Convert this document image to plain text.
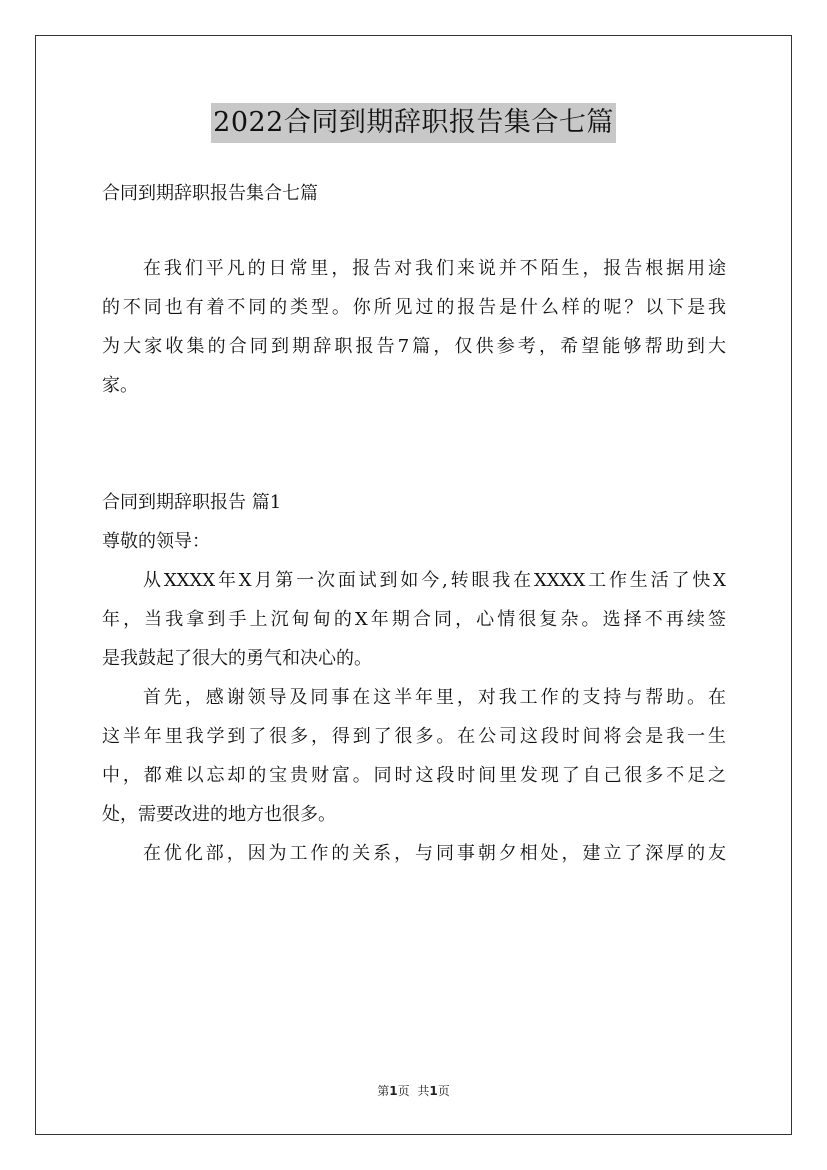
2022合同到期辞职报告集合七篇
合同到期辞职报告集合七篇
在我们平凡的日常里，报告对我们来说并不陌生，报告根据用途
的不同也有着不同的类型。你所见过的报告是什么样的呢？以下是我
为大家收集的合同到期辞职报告7篇，仅供参考，希望能够帮助到大
家。
合同到期辞职报告 篇1
尊敬的领导：
从XXXX年X月第一次面试到如今,转眼我在XXXX工作生活了快X
年，当我拿到手上沉甸甸的X年期合同，心情很复杂。选择不再续签
是我鼓起了很大的勇气和决心的。
首先，感谢领导及同事在这半年里，对我工作的支持与帮助。在
这半年里我学到了很多，得到了很多。在公司这段时间将会是我一生
中，都难以忘却的宝贵财富。同时这段时间里发现了自己很多不足之
处，需要改进的地方也很多。
在优化部，因为工作的关系，与同事朝夕相处，建立了深厚的友
第1页 共1页
